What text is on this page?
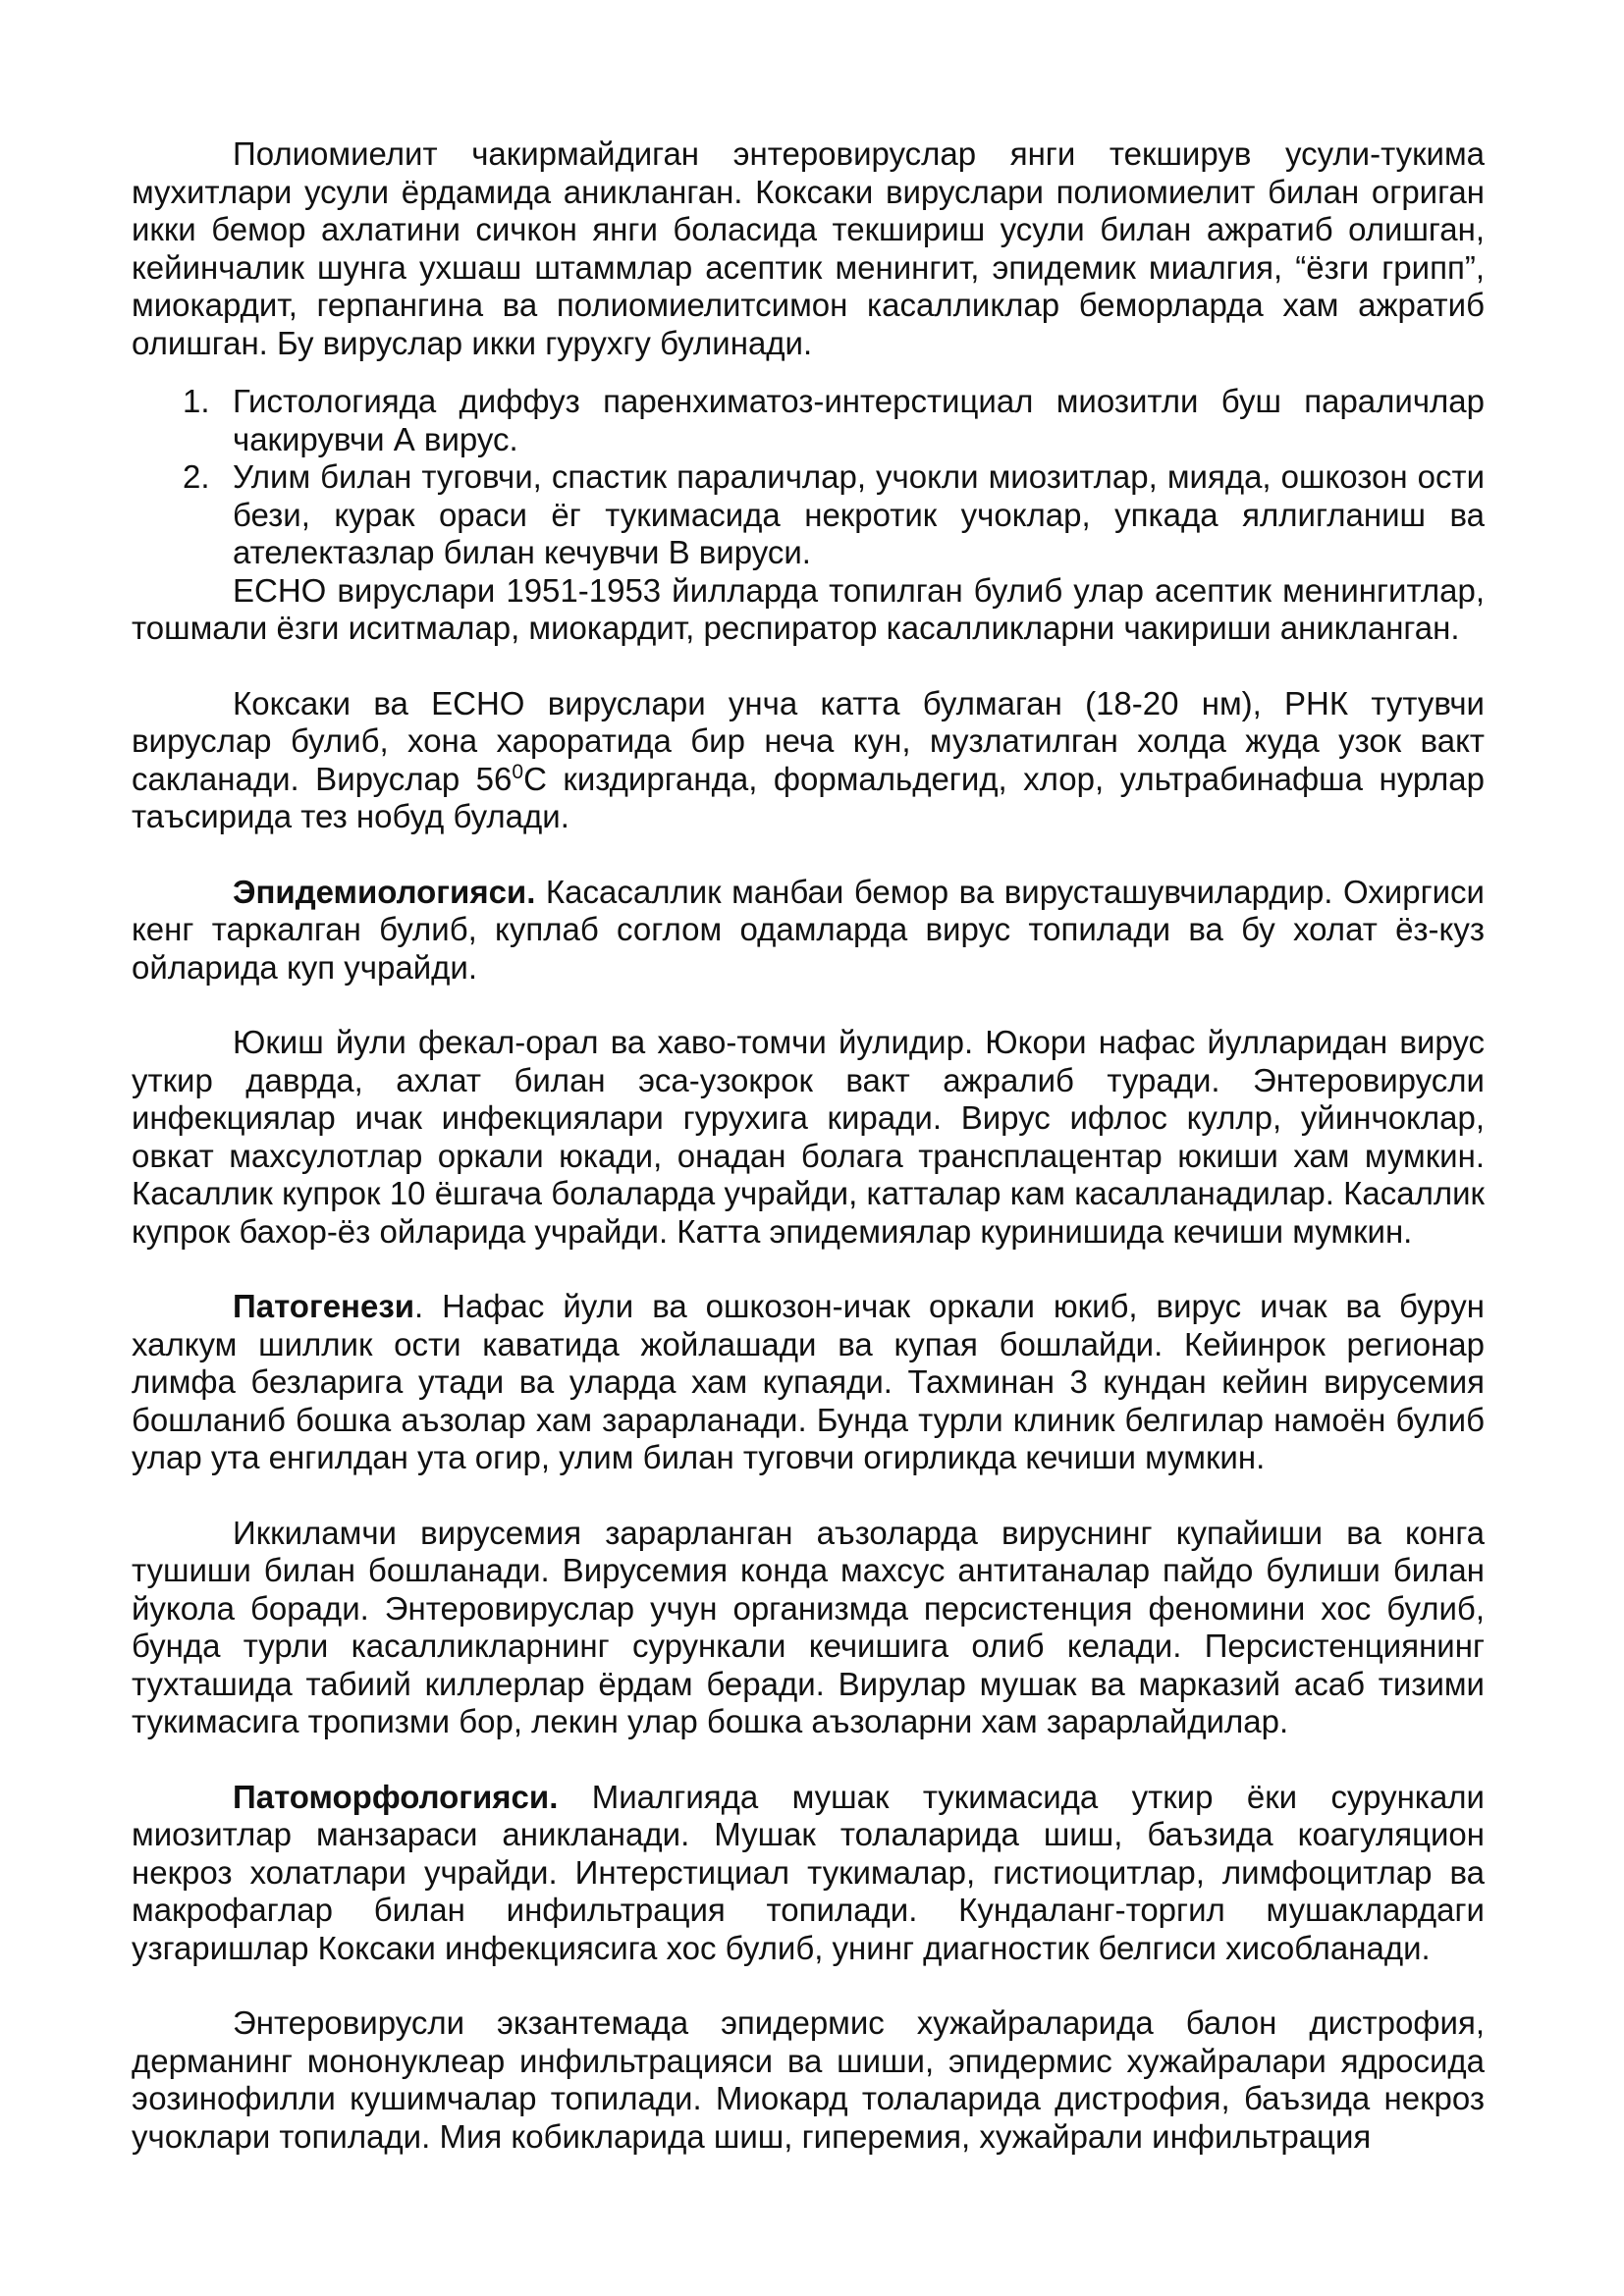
Полиомиелит чакирмайдиган энтеровируслар янги текширув усули-тукима мухитлари усули ёрдамида аникланган. Коксаки вируслари полиомиелит билан огриган икки бемор ахлатини сичкон янги боласида текшириш усули билан ажратиб олишган, кейинчалик шунга ухшаш штаммлар асептик менингит, эпидемик миалгия, “ёзги грипп”, миокардит, герпангина ва полиомиелитсимон касалликлар беморларда хам ажратиб олишган. Бу вируслар икки гурухгу булинади.

1. Гистологияда диффуз паренхиматоз-интерстициал миозитли буш параличлар чакирувчи А вирус.
2. Улим билан туговчи, спастик параличлар, учокли миозитлар, мияда, ошкозон ости бези, курак ораси ёг тукимасида некротик учоклар, упкада яллигланиш ва ателектазлар билан кечувчи В вируси.

ЕСНО вируслари 1951-1953 йилларда топилган булиб улар асептик менингитлар, тошмали ёзги иситмалар, миокардит, респиратор касалликларни чакириши аникланган.

Коксаки ва ЕСНО вируслари унча катта булмаган (18-20 нм), РНК тутувчи вируслар булиб, хона хароратида бир неча кун, музлатилган холда жуда узок вакт сакланади. Вируслар $56^0С$ киздирганда, формальдегид, хлор, ультрабинафша нурлар таъсирида тез нобуд булади.

Эпидемиологияси. Касасаллик манбаи бемор ва вирусташувчилардир. Охиргиси кенг таркалган булиб, куплаб соглом одамларда вирус топилади ва бу холат ёз-куз ойларида куп учрайди.

Юкиш йули фекал-орал ва хаво-томчи йулидир. Юкори нафас йулларидан вирус уткир даврда, ахлат билан эса-узокрок вакт ажралиб туради. Энтеровирусли инфекциялар ичак инфекциялари гурухига киради. Вирус ифлос куллр, уйинчоклар, овкат махсулотлар оркали юкади, онадан болага трансплацентар юкиши хам мумкин. Касаллик купрок 10 ёшгача болаларда учрайди, катталар кам касалланадилар. Касаллик купрок бахор-ёз ойларида учрайди. Катта эпидемиялар куринишида кечиши мумкин.

Патогенези. Нафас йули ва ошкозон-ичак оркали юкиб, вирус ичак ва бурун халкум шиллик ости каватида жойлашади ва купая бошлайди. Кейинрок регионар лимфа безларига утади ва уларда хам купаяди. Тахминан 3 кундан кейин вирусемия бошланиб бошка аъзолар хам зарарланади. Бунда турли клиник белгилар намоён булиб улар ута енгилдан ута огир, улим билан туговчи огирликда кечиши мумкин.

Иккиламчи вирусемия зарарланган аъзоларда вируснинг купайиши ва конга тушиши билан бошланади. Вирусемия конда махсус антитаналар пайдо булиши билан йукола боради. Энтеровируслар учун организмда персистенция феномини хос булиб, бунда турли касалликларнинг сурункали кечишига олиб келади. Персистенциянинг тухташида табиий киллерлар ёрдам беради. Вирулар мушак ва марказий асаб тизими тукимасига тропизми бор, лекин улар бошка аъзоларни хам зарарлайдилар.

Патоморфологияси. Миалгияда мушак тукимасида уткир ёки сурункали миозитлар манзараси аникланади. Мушак толаларида шиш, баъзида коагуляцион некроз холатлари учрайди. Интерстициал тукималар, гистиоцитлар, лимфоцитлар ва макрофаглар билан инфильтрация топилади. Кундаланг-торгил мушаклардаги узгаришлар Коксаки инфекциясига хос булиб, унинг диагностик белгиси хисобланади.

Энтеровирусли экзантемада эпидермис хужайраларида балон дистрофия, дерманинг мононуклеар инфильтрацияси ва шиши, эпидермис хужайралари ядросида эозинофилли кушимчалар топилади. Миокард толаларида дистрофия, баъзида некроз учоклари топилади. Мия кобикларида шиш, гиперемия, хужайрали инфильтрация
